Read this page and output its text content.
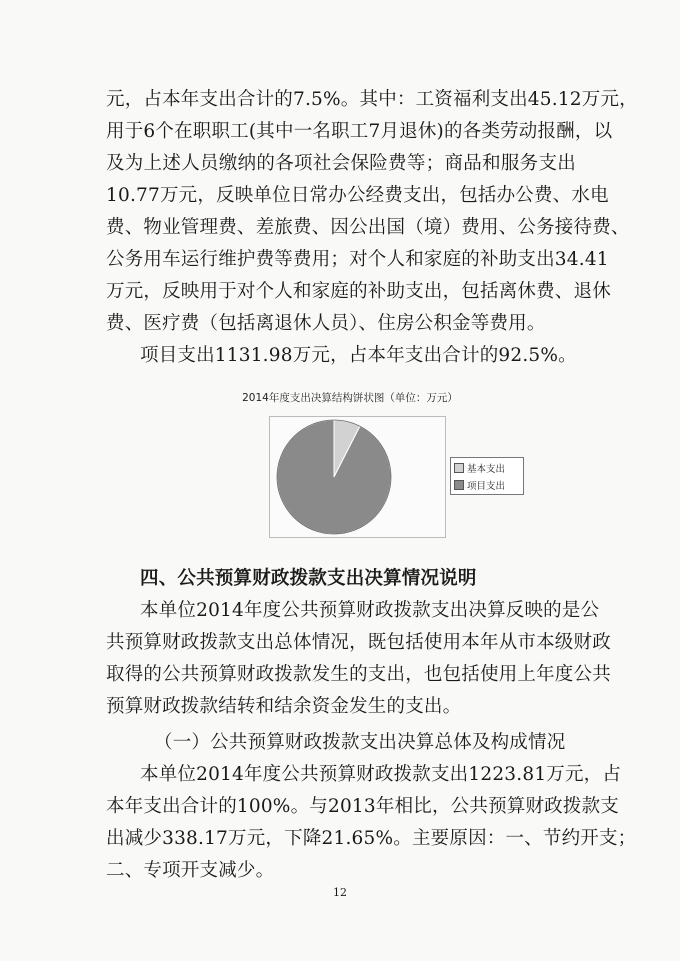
元，占本年支出合计的7.5%。其中：工资福利支出45.12万元，
用于6个在职职工(其中一名职工7月退休)的各类劳动报酬，以
及为上述人员缴纳的各项社会保险费等；商品和服务支出
10.77万元，反映单位日常办公经费支出，包括办公费、水电
费、物业管理费、差旅费、因公出国（境）费用、公务接待费、
公务用车运行维护费等费用；对个人和家庭的补助支出34.41
万元，反映用于对个人和家庭的补助支出，包括离休费、退休
费、医疗费（包括离退休人员）、住房公积金等费用。
项目支出1131.98万元，占本年支出合计的92.5%。
2014年度支出决算结构饼状图（单位：万元）
基本支出
项目支出
四、公共预算财政拨款支出决算情况说明
本单位2014年度公共预算财政拨款支出决算反映的是公
共预算财政拨款支出总体情况，既包括使用本年从市本级财政
取得的公共预算财政拨款发生的支出，也包括使用上年度公共
预算财政拨款结转和结余资金发生的支出。
（一）公共预算财政拨款支出决算总体及构成情况
本单位2014年度公共预算财政拨款支出1223.81万元，占
本年支出合计的100%。与2013年相比，公共预算财政拨款支
出减少338.17万元，下降21.65%。主要原因：一、节约开支；
二、专项开支减少。
12
